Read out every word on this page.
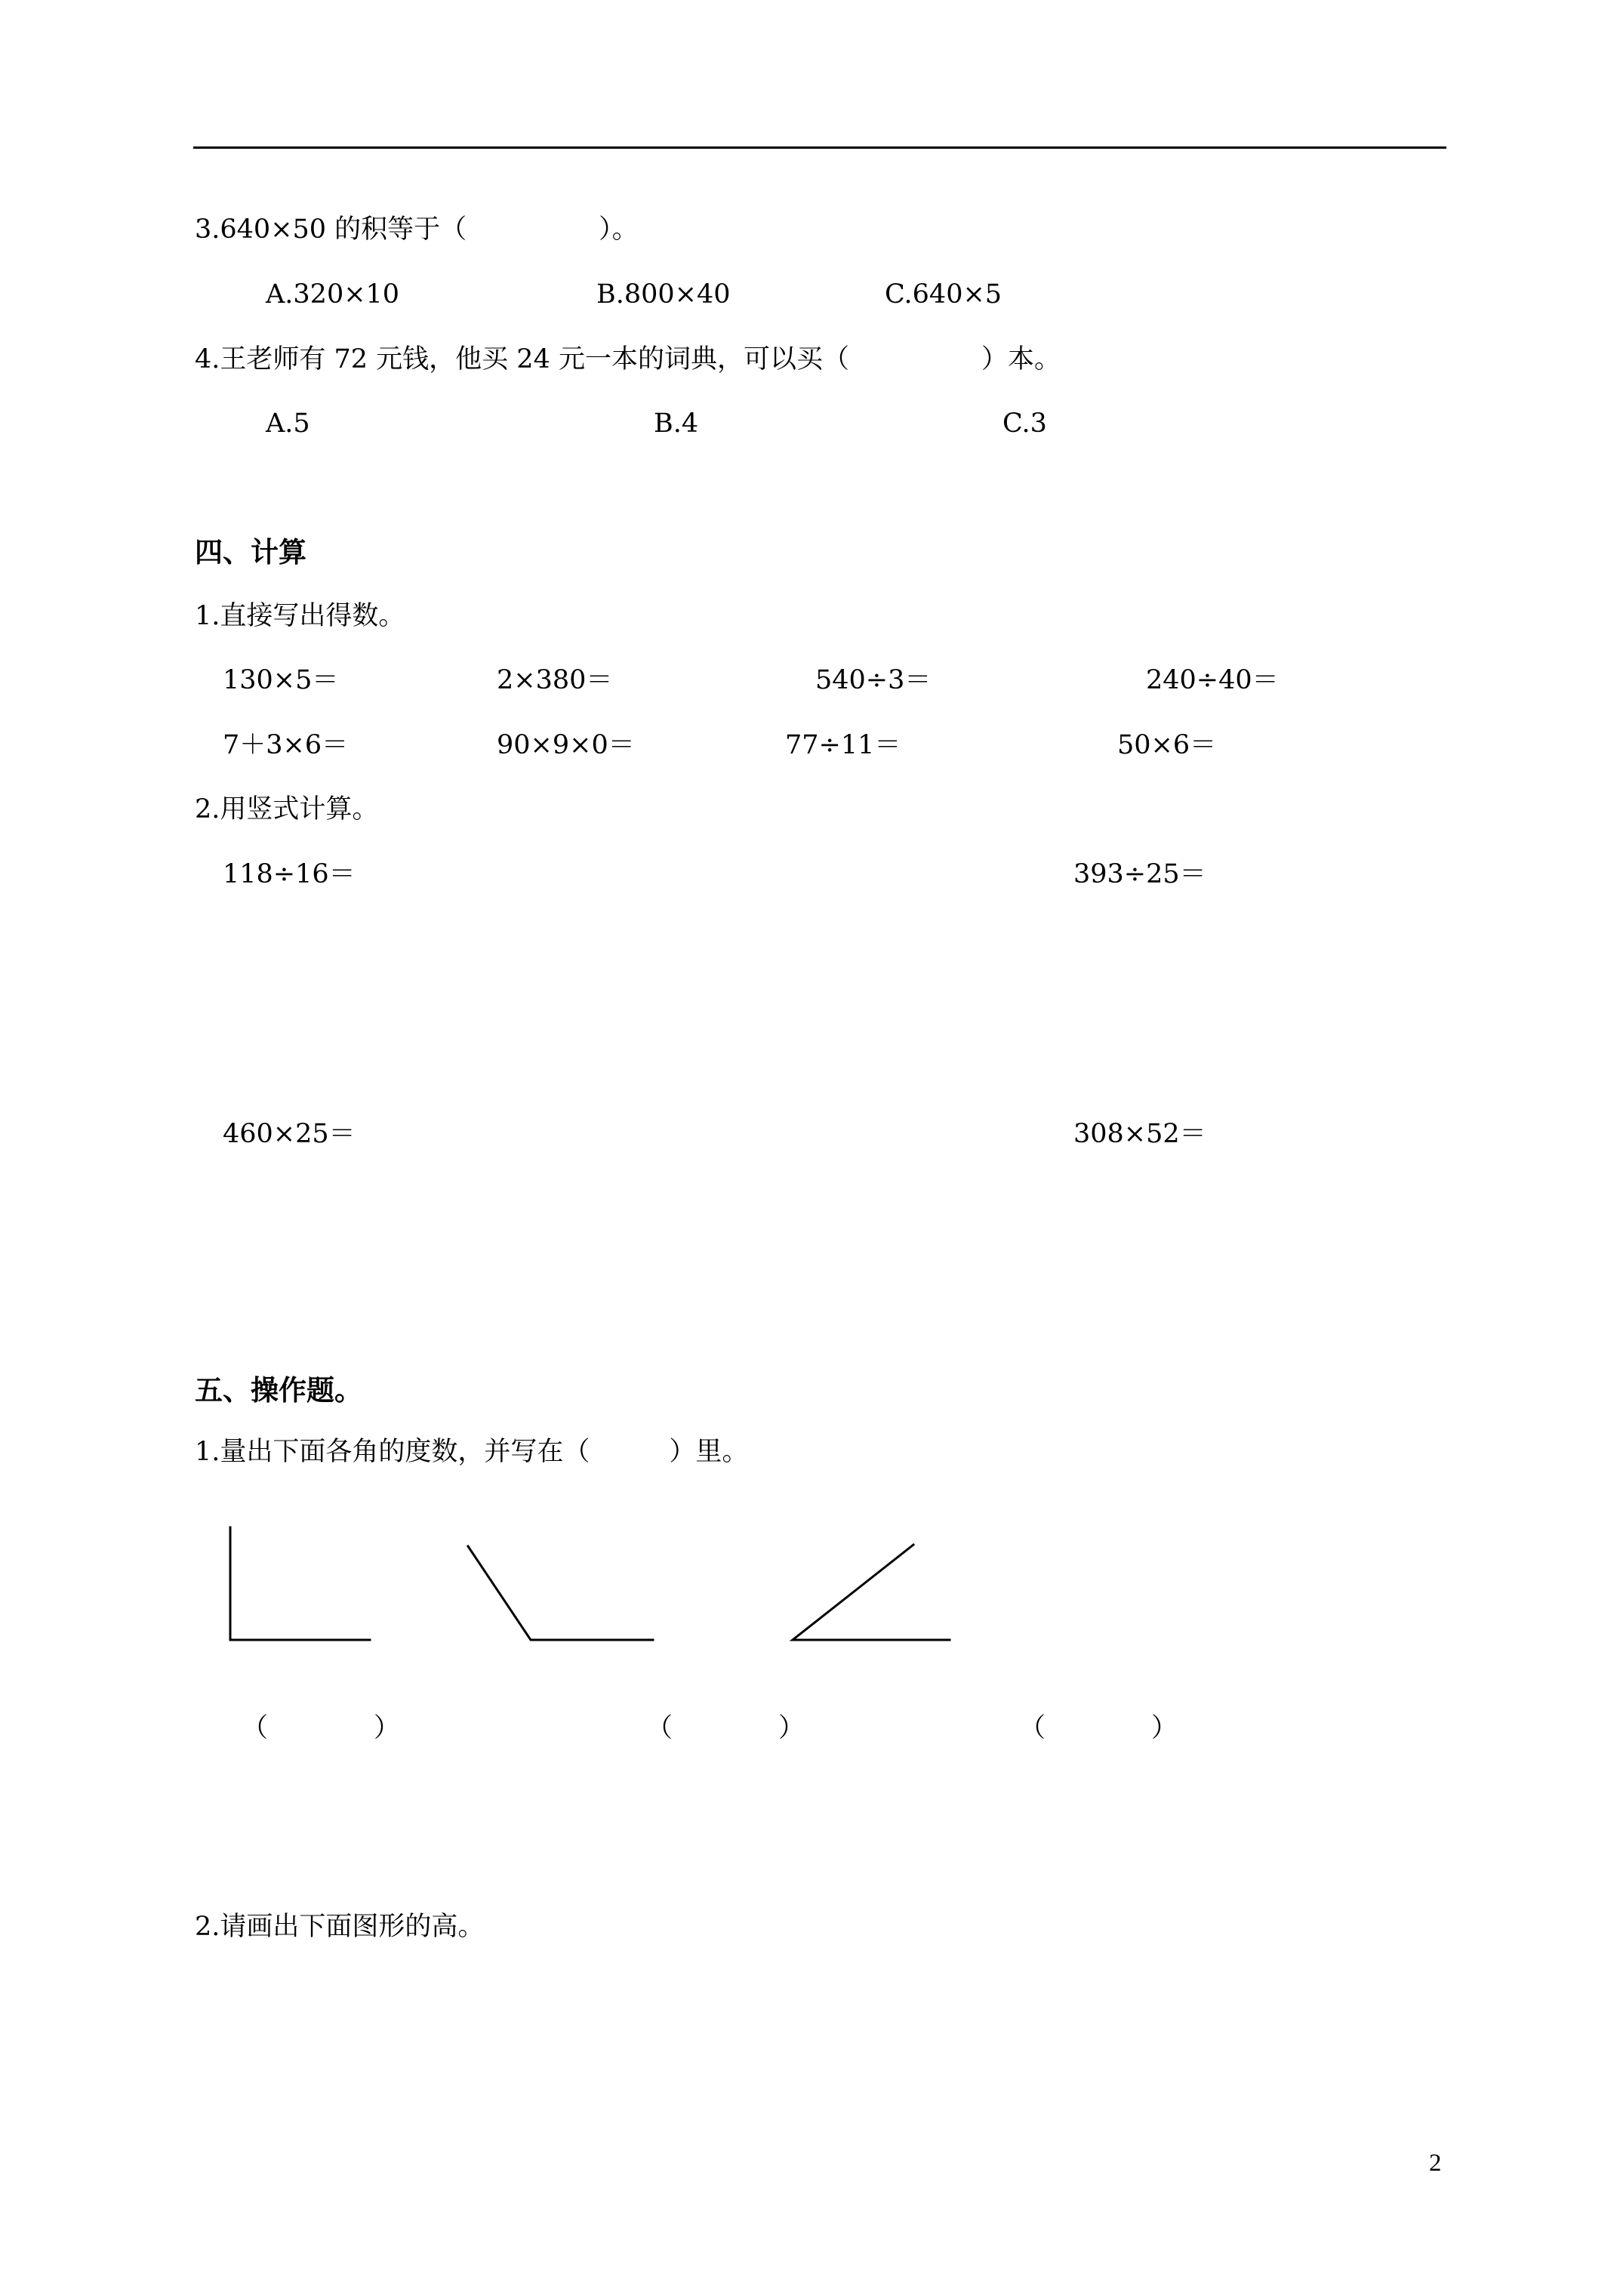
3.640×50 的积等于（　　　　　）。
A.320×10	B.800×40	C.640×5
4.王老师有 72 元钱，他买 24 元一本的词典，可以买（　　　　　）本。
A.5	B.4	C.3
四、计算
1.直接写出得数。
130×5＝	2×380＝	540÷3＝	240÷40＝
7＋3×6＝	90×9×0＝	77÷11＝	50×6＝
2.用竖式计算。
118÷16＝	393÷25＝
460×25＝	308×52＝
五、操作题。
1.量出下面各角的度数，并写在（　　　）里。
（　　　　）	（　　　　）	（　　　　）
2.请画出下面图形的高。
2
